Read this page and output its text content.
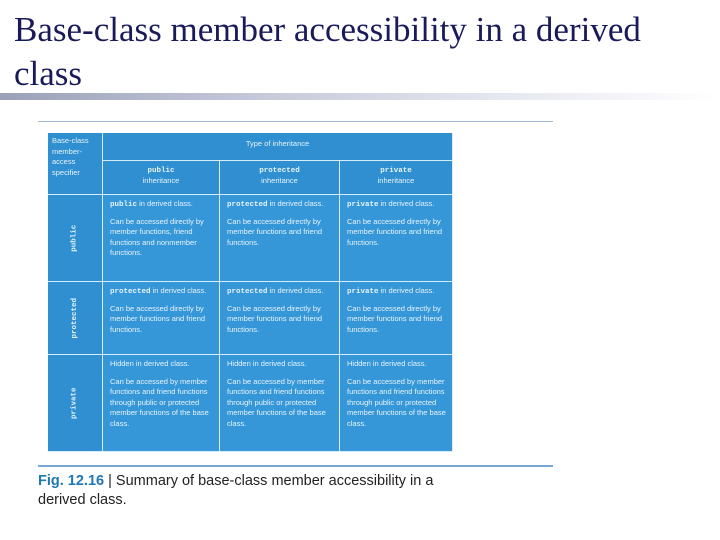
Base-class member accessibility in a derived class
Base-class member-access specifier
Type of inheritance
public
inheritance
protected
inheritance
private
inheritance
public
public in derived class.
Can be accessed directly by member functions, friend functions and nonmember functions.
protected in derived class.
Can be accessed directly by member functions and friend functions.
private in derived class.
Can be accessed directly by member functions and friend functions.
protected
protected in derived class.
Can be accessed directly by member functions and friend functions.
protected in derived class.
Can be accessed directly by member functions and friend functions.
private in derived class.
Can be accessed directly by member functions and friend functions.
private
Hidden in derived class.
Can be accessed by member functions and friend functions through public or protected member functions of the base class.
Hidden in derived class.
Can be accessed by member functions and friend functions through public or protected member functions of the base class.
Hidden in derived class.
Can be accessed by member functions and friend functions through public or protected member functions of the base class.
Fig. 12.16 | Summary of base-class member accessibility in a derived class.
